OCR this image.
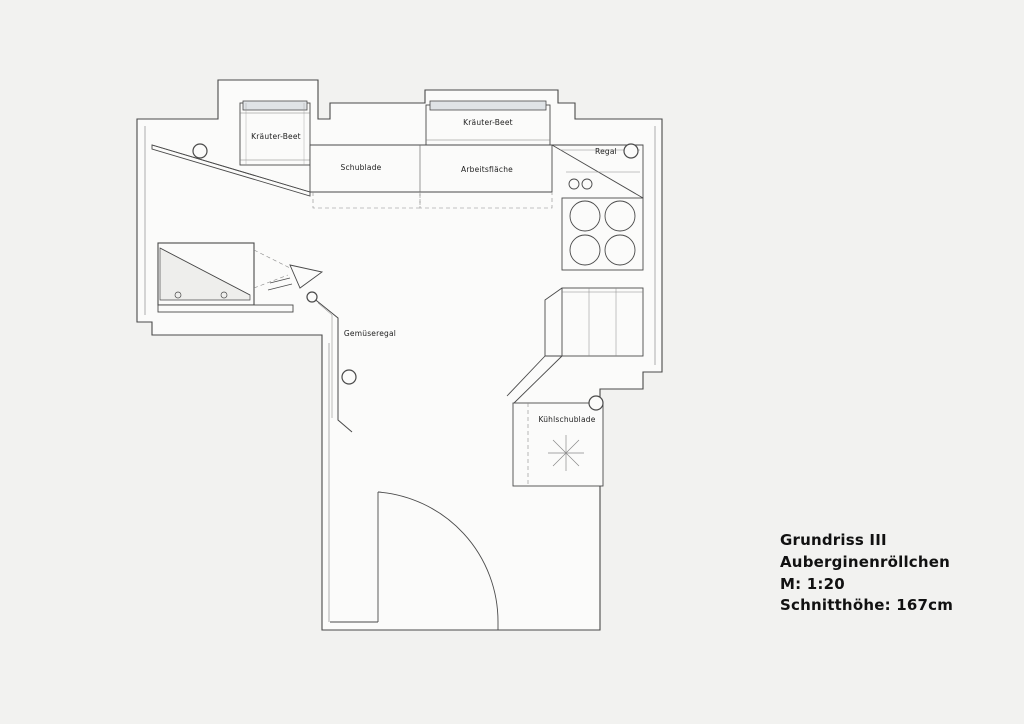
Kräuter-Beet
Kräuter-Beet
Schublade	Arbeitsfläche
Regal
Gemüseregal
Kühlschublade
Grundriss III
Auberginenröllchen
M: 1:20
Schnitthöhe: 167cm
